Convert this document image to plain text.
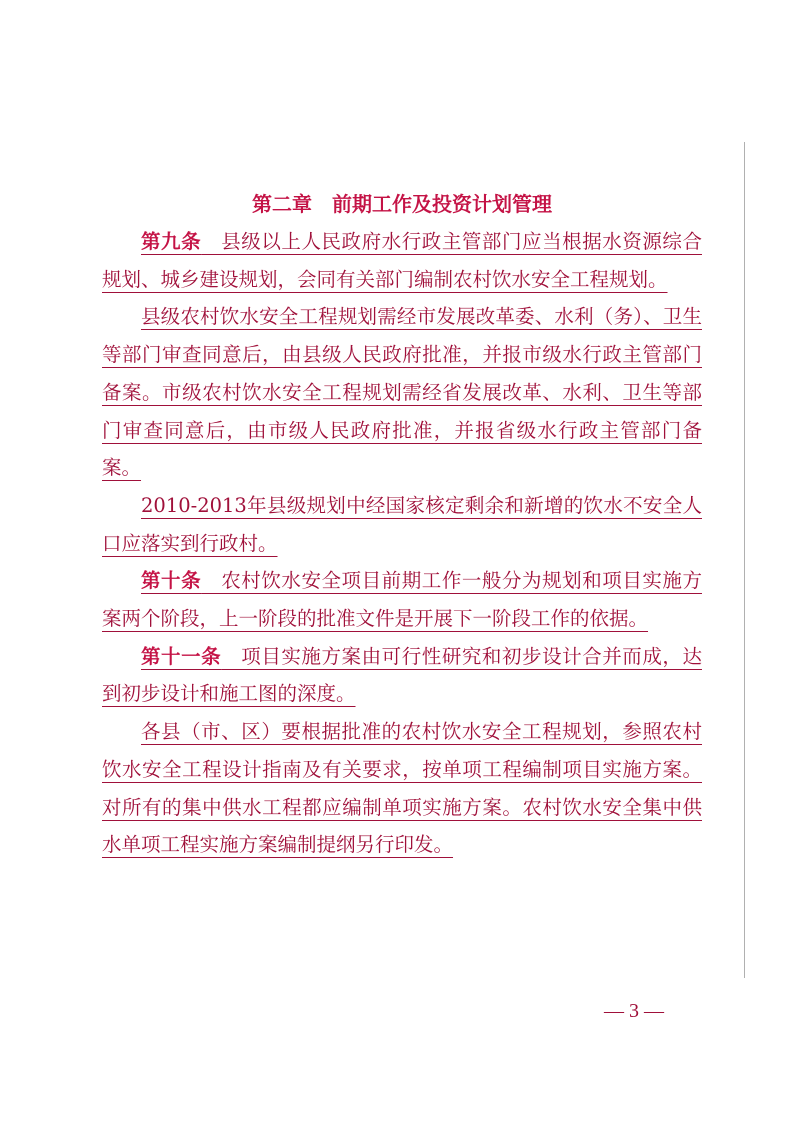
第二章　前期工作及投资计划管理

第九条　县级以上人民政府水行政主管部门应当根据水资源综合规划、城乡建设规划，会同有关部门编制农村饮水安全工程规划。

县级农村饮水安全工程规划需经市发展改革委、水利（务）、卫生等部门审查同意后，由县级人民政府批准，并报市级水行政主管部门备案。市级农村饮水安全工程规划需经省发展改革、水利、卫生等部门审查同意后，由市级人民政府批准，并报省级水行政主管部门备案。

2010-2013年县级规划中经国家核定剩余和新增的饮水不安全人口应落实到行政村。

第十条　农村饮水安全项目前期工作一般分为规划和项目实施方案两个阶段，上一阶段的批准文件是开展下一阶段工作的依据。

第十一条　项目实施方案由可行性研究和初步设计合并而成，达到初步设计和施工图的深度。

各县（市、区）要根据批准的农村饮水安全工程规划，参照农村饮水安全工程设计指南及有关要求，按单项工程编制项目实施方案。对所有的集中供水工程都应编制单项实施方案。农村饮水安全集中供水单项工程实施方案编制提纲另行印发。

— 3 —
